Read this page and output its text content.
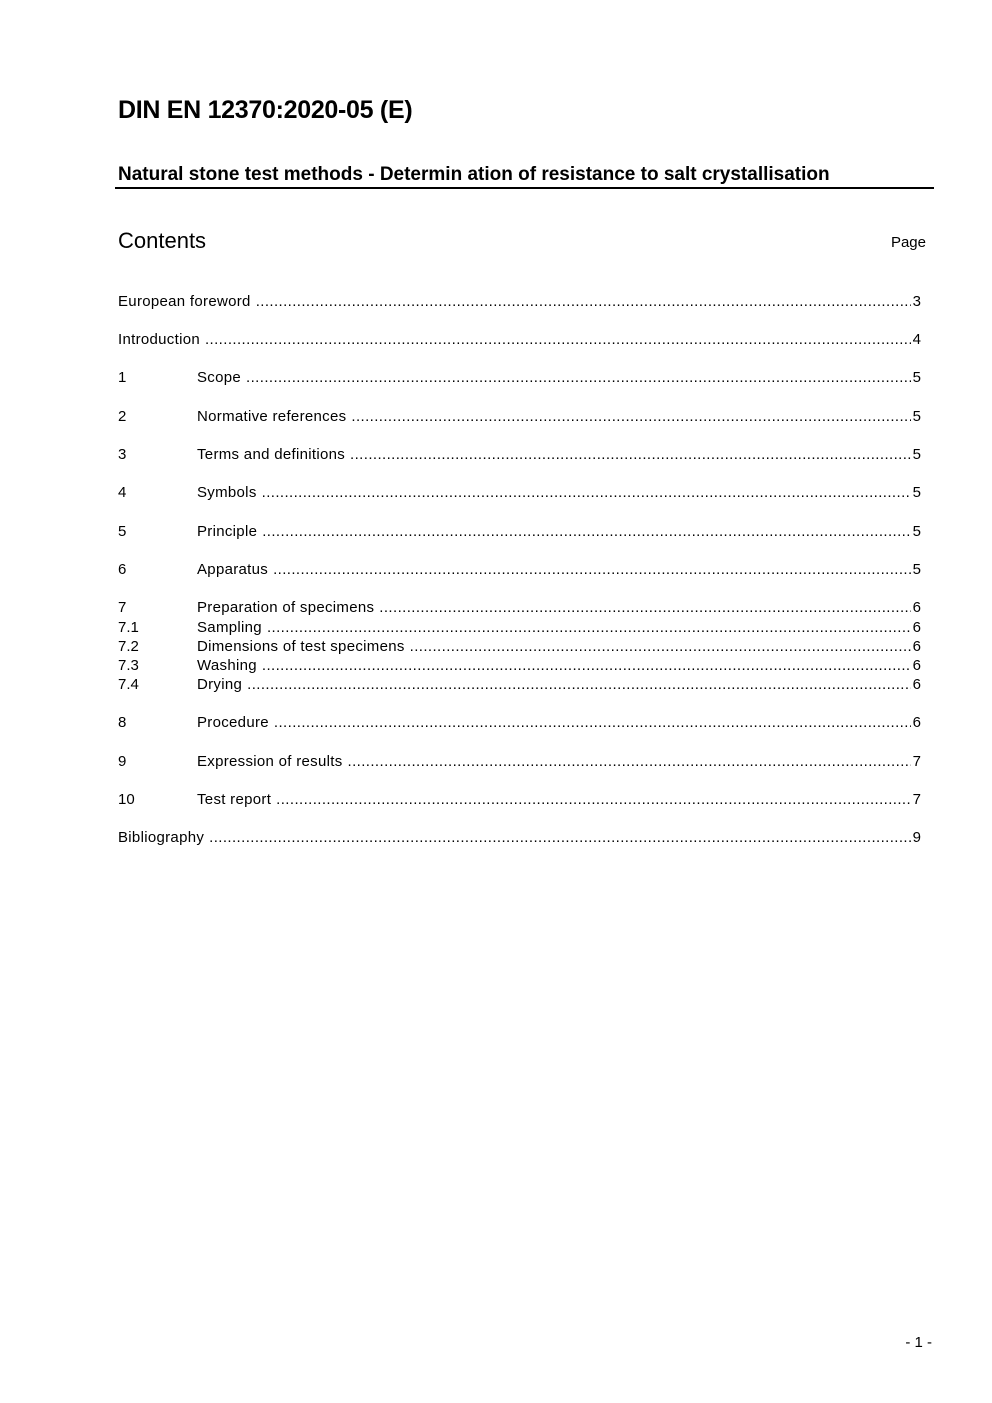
DIN EN 12370:2020-05 (E)
Natural stone test methods - Determin ation of resistance to salt crystallisation
Contents	Page
European foreword .....	3
Introduction .....	4
1	Scope .....	5
2	Normative references .....	5
3	Terms and definitions .....	5
4	Symbols .....	5
5	Principle .....	5
6	Apparatus .....	5
7	Preparation of specimens .....	6
7.1	Sampling .....	6
7.2	Dimensions of test specimens .....	6
7.3	Washing .....	6
7.4	Drying .....	6
8	Procedure .....	6
9	Expression of results .....	7
10	Test report .....	7
Bibliography .....	9
- 1 -
